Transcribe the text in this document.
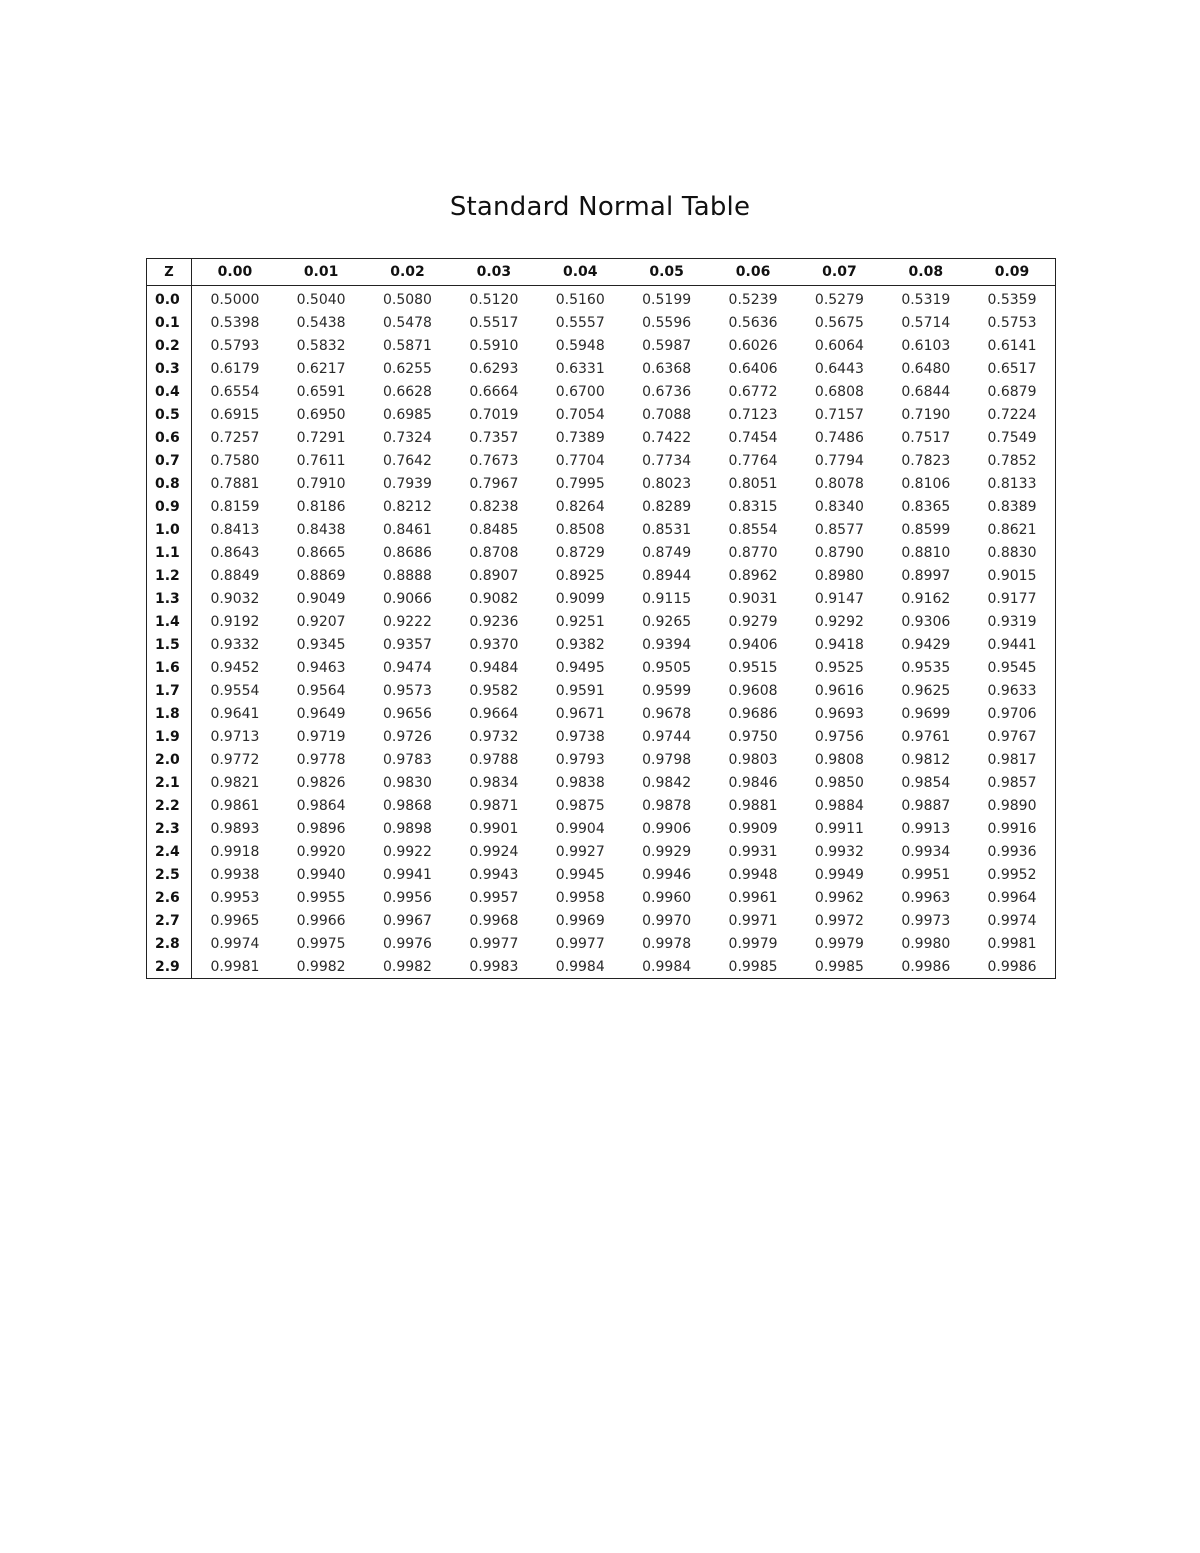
Standard Normal Table
Z	0.00	0.01	0.02	0.03	0.04	0.05	0.06	0.07	0.08	0.09
0.0	0.5000	0.5040	0.5080	0.5120	0.5160	0.5199	0.5239	0.5279	0.5319	0.5359
0.1	0.5398	0.5438	0.5478	0.5517	0.5557	0.5596	0.5636	0.5675	0.5714	0.5753
0.2	0.5793	0.5832	0.5871	0.5910	0.5948	0.5987	0.6026	0.6064	0.6103	0.6141
0.3	0.6179	0.6217	0.6255	0.6293	0.6331	0.6368	0.6406	0.6443	0.6480	0.6517
0.4	0.6554	0.6591	0.6628	0.6664	0.6700	0.6736	0.6772	0.6808	0.6844	0.6879
0.5	0.6915	0.6950	0.6985	0.7019	0.7054	0.7088	0.7123	0.7157	0.7190	0.7224
0.6	0.7257	0.7291	0.7324	0.7357	0.7389	0.7422	0.7454	0.7486	0.7517	0.7549
0.7	0.7580	0.7611	0.7642	0.7673	0.7704	0.7734	0.7764	0.7794	0.7823	0.7852
0.8	0.7881	0.7910	0.7939	0.7967	0.7995	0.8023	0.8051	0.8078	0.8106	0.8133
0.9	0.8159	0.8186	0.8212	0.8238	0.8264	0.8289	0.8315	0.8340	0.8365	0.8389
1.0	0.8413	0.8438	0.8461	0.8485	0.8508	0.8531	0.8554	0.8577	0.8599	0.8621
1.1	0.8643	0.8665	0.8686	0.8708	0.8729	0.8749	0.8770	0.8790	0.8810	0.8830
1.2	0.8849	0.8869	0.8888	0.8907	0.8925	0.8944	0.8962	0.8980	0.8997	0.9015
1.3	0.9032	0.9049	0.9066	0.9082	0.9099	0.9115	0.9031	0.9147	0.9162	0.9177
1.4	0.9192	0.9207	0.9222	0.9236	0.9251	0.9265	0.9279	0.9292	0.9306	0.9319
1.5	0.9332	0.9345	0.9357	0.9370	0.9382	0.9394	0.9406	0.9418	0.9429	0.9441
1.6	0.9452	0.9463	0.9474	0.9484	0.9495	0.9505	0.9515	0.9525	0.9535	0.9545
1.7	0.9554	0.9564	0.9573	0.9582	0.9591	0.9599	0.9608	0.9616	0.9625	0.9633
1.8	0.9641	0.9649	0.9656	0.9664	0.9671	0.9678	0.9686	0.9693	0.9699	0.9706
1.9	0.9713	0.9719	0.9726	0.9732	0.9738	0.9744	0.9750	0.9756	0.9761	0.9767
2.0	0.9772	0.9778	0.9783	0.9788	0.9793	0.9798	0.9803	0.9808	0.9812	0.9817
2.1	0.9821	0.9826	0.9830	0.9834	0.9838	0.9842	0.9846	0.9850	0.9854	0.9857
2.2	0.9861	0.9864	0.9868	0.9871	0.9875	0.9878	0.9881	0.9884	0.9887	0.9890
2.3	0.9893	0.9896	0.9898	0.9901	0.9904	0.9906	0.9909	0.9911	0.9913	0.9916
2.4	0.9918	0.9920	0.9922	0.9924	0.9927	0.9929	0.9931	0.9932	0.9934	0.9936
2.5	0.9938	0.9940	0.9941	0.9943	0.9945	0.9946	0.9948	0.9949	0.9951	0.9952
2.6	0.9953	0.9955	0.9956	0.9957	0.9958	0.9960	0.9961	0.9962	0.9963	0.9964
2.7	0.9965	0.9966	0.9967	0.9968	0.9969	0.9970	0.9971	0.9972	0.9973	0.9974
2.8	0.9974	0.9975	0.9976	0.9977	0.9977	0.9978	0.9979	0.9979	0.9980	0.9981
2.9	0.9981	0.9982	0.9982	0.9983	0.9984	0.9984	0.9985	0.9985	0.9986	0.9986
